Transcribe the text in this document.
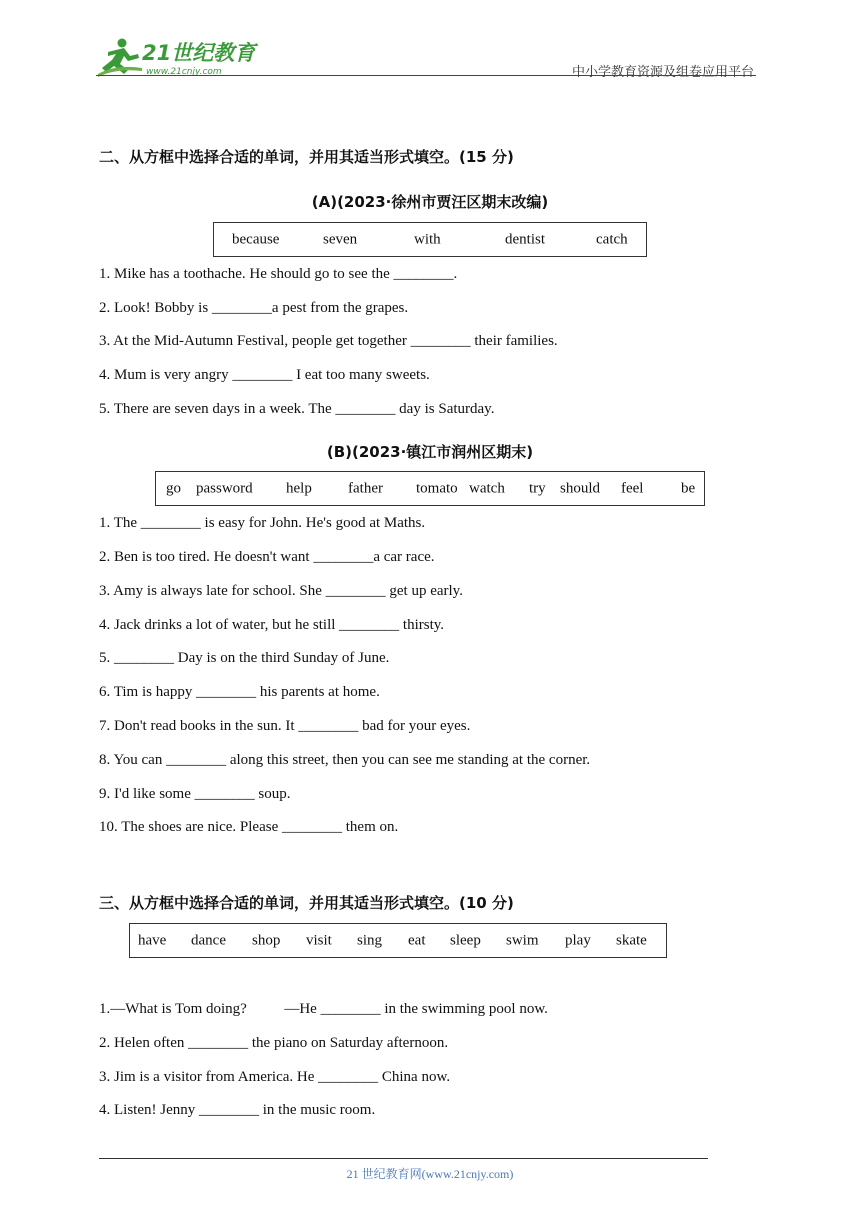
21世纪教育
www.21cnjy.com	中小学教育资源及组卷应用平台
二、从方框中选择合适的单词，并用其适当形式填空。(15 分)
(A)(2023·徐州市贾汪区期末改编)
because	seven	with	dentist	catch
1. Mike has a toothache. He should go to see the ________.
2. Look! Bobby is ________a pest from the grapes.
3. At the Mid-Autumn Festival, people get together ________ their families.
4. Mum is very angry ________ I eat too many sweets.
5. There are seven days in a week. The ________ day is Saturday.
(B)(2023·镇江市润州区期末)
go password help father tomato watch try should feel	be
1. The ________ is easy for John. He's good at Maths.
2. Ben is too tired. He doesn't want ________a car race.
3. Amy is always late for school. She ________ get up early.
4. Jack drinks a lot of water, but he still ________ thirsty.
5. ________ Day is on the third Sunday of June.
6. Tim is happy ________ his parents at home.
7. Don't read books in the sun. It ________ bad for your eyes.
8. You can ________ along this street, then you can see me standing at the corner.
9. I'd like some ________ soup.
10. The shoes are nice. Please ________ them on.
三、从方框中选择合适的单词，并用其适当形式填空。(10 分)
have dance shop visit sing eat sleep swim play skate
1.—What is Tom doing?          —He ________ in the swimming pool now.
2. Helen often ________ the piano on Saturday afternoon.
3. Jim is a visitor from America. He ________ China now.
4. Listen! Jenny ________ in the music room.
21 世纪教育网(www.21cnjy.com)
